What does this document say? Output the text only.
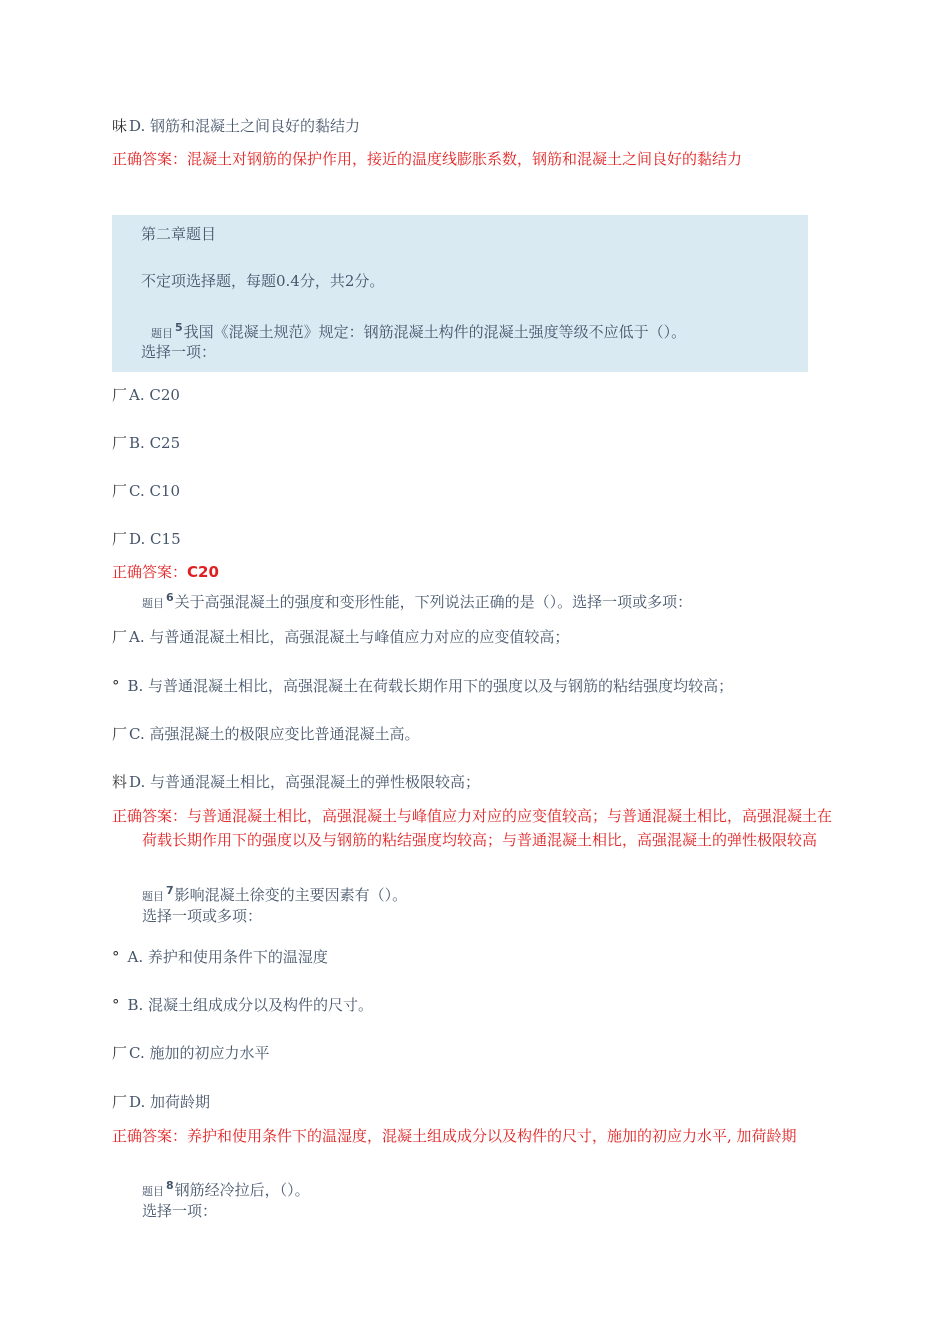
味 D. 钢筋和混凝土之间良好的黏结力
正确答案：混凝土对钢筋的保护作用，接近的温度线膨胀系数，钢筋和混凝土之间良好的黏结力
第二章题目
不定项选择题，每题0.4分，共2分。
题目 $^5$我国《混凝土规范》规定：钢筋混凝土构件的混凝土强度等级不应低于（）。
选择一项：
厂 A. C20
厂 B. C25
厂 C. C10
厂 D. C15
正确答案：C20
题目 $^6$关于高强混凝土的强度和变形性能，下列说法正确的是（）。选择一项或多项：
厂 A. 与普通混凝土相比，高强混凝土与峰值应力对应的应变值较高；
° B. 与普通混凝土相比，高强混凝土在荷载长期作用下的强度以及与钢筋的粘结强度均较高；
厂 C. 高强混凝土的极限应变比普通混凝土高。
料 D. 与普通混凝土相比，高强混凝土的弹性极限较高；
正确答案：与普通混凝土相比，高强混凝土与峰值应力对应的应变值较高；与普通混凝土相比，高强混凝土在荷载长期作用下的强度以及与钢筋的粘结强度均较高；与普通混凝土相比，高强混凝土的弹性极限较高
题目 $^7$影响混凝土徐变的主要因素有（）。
选择一项或多项：
° A. 养护和使用条件下的温湿度
° B. 混凝土组成成分以及构件的尺寸。
厂 C. 施加的初应力水平
厂 D. 加荷龄期
正确答案：养护和使用条件下的温湿度，混凝土组成成分以及构件的尺寸，施加的初应力水平, 加荷龄期
题目 $^8$钢筋经冷拉后，（）。
选择一项：
